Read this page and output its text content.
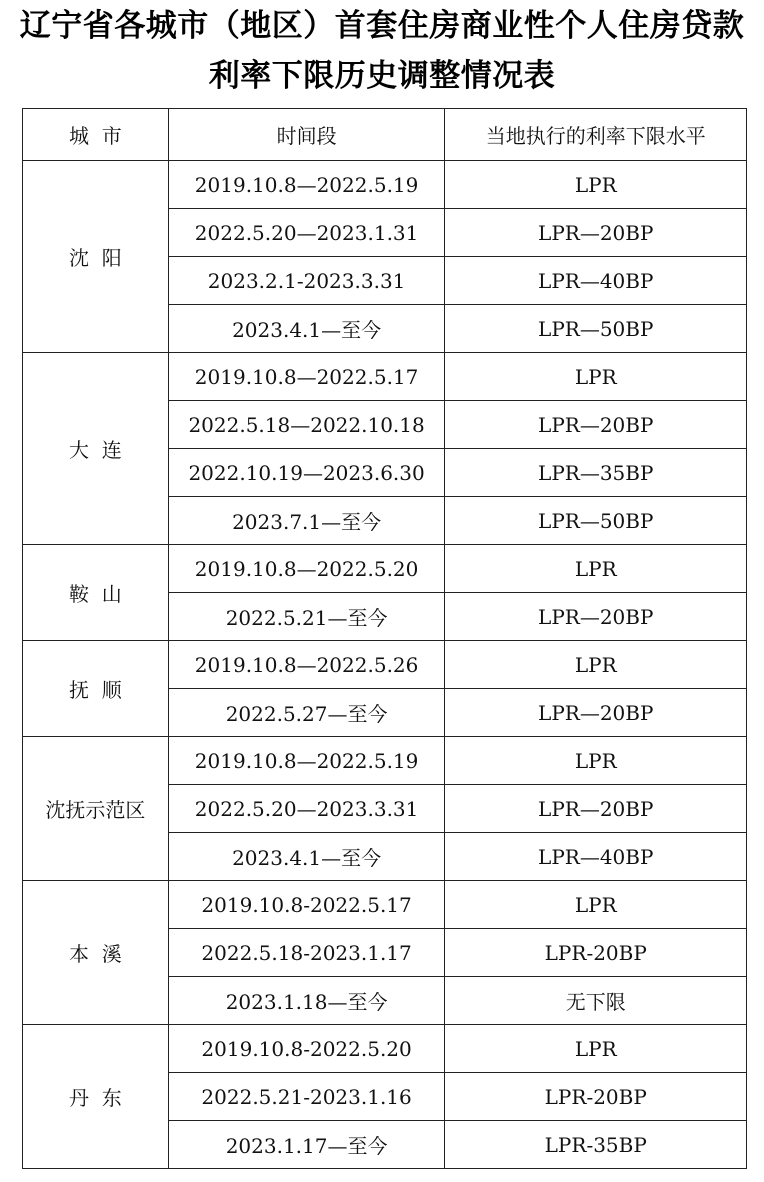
辽宁省各城市（地区）首套住房商业性个人住房贷款
利率下限历史调整情况表
城  市	时间段	当地执行的利率下限水平
沈  阳	2019.10.8—2022.5.19	LPR
	2022.5.20—2023.1.31	LPR—20BP
	2023.2.1-2023.3.31	LPR—40BP
	2023.4.1—至今	LPR—50BP
大  连	2019.10.8—2022.5.17	LPR
	2022.5.18—2022.10.18	LPR—20BP
	2022.10.19—2023.6.30	LPR—35BP
	2023.7.1—至今	LPR—50BP
鞍  山	2019.10.8—2022.5.20	LPR
	2022.5.21—至今	LPR—20BP
抚  顺	2019.10.8—2022.5.26	LPR
	2022.5.27—至今	LPR—20BP
沈抚示范区	2019.10.8—2022.5.19	LPR
	2022.5.20—2023.3.31	LPR—20BP
	2023.4.1—至今	LPR—40BP
本  溪	2019.10.8-2022.5.17	LPR
	2022.5.18-2023.1.17	LPR-20BP
	2023.1.18—至今	无下限
丹  东	2019.10.8-2022.5.20	LPR
	2022.5.21-2023.1.16	LPR-20BP
	2023.1.17—至今	LPR-35BP
